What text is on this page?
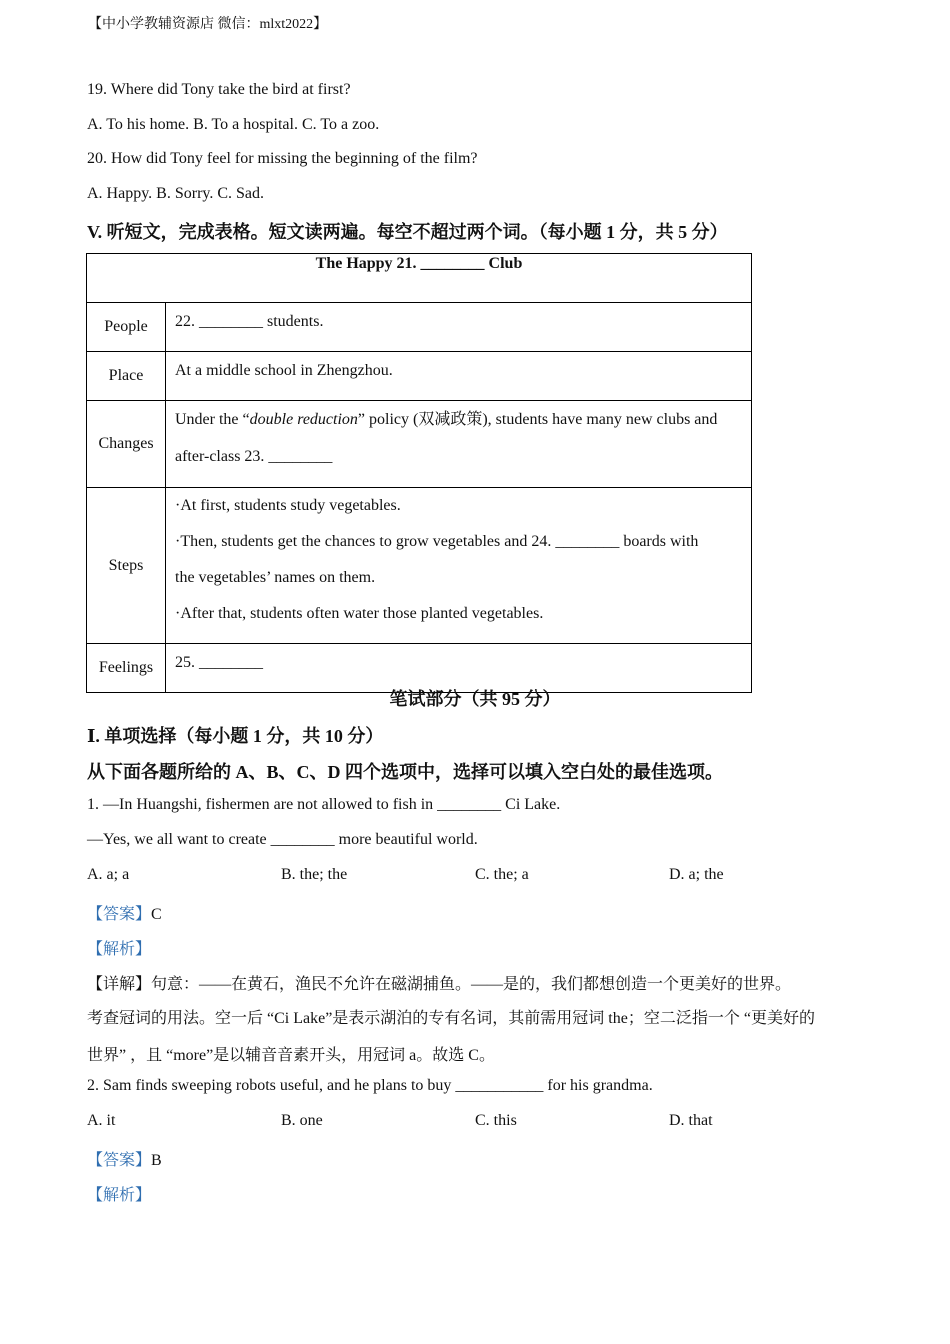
【中小学教辅资源店 微信：mlxt2022】
19. Where did Tony take the bird at first?
A. To his home. B. To a hospital. C. To a zoo.
20. How did Tony feel for missing the beginning of the film?
A. Happy. B. Sorry. C. Sad.
V. 听短文，完成表格。短文读两遍。每空不超过两个词。（每小题 1 分，共 5 分）
The Happy 21. ________ Club	
People	22. ________ students.
Place	At a middle school in Zhengzhou.
Changes	Under the “double reduction” policy (双减政策), students have many new clubs and
after-class 23. ________

Steps	·At first, students study vegetables.
·Then, students get the chances to grow vegetables and 24. ________ boards with
the vegetables’ names on them.
·After that, students often water those planted vegetables.

Feelings	25. ________
笔试部分（共 95 分）
Ⅰ. 单项选择（每小题 1 分，共 10 分）
从下面各题所给的 A、B、C、D 四个选项中，选择可以填入空白处的最佳选项。
1. —In Huangshi, fishermen are not allowed to fish in ________ Ci Lake.
—Yes, we all want to create ________ more beautiful world.
A. a; a	B. the; the	C. the; a	D. a; the
【答案】C
【解析】
【详解】句意：——在黄石，渔民不允许在磁湖捕鱼。——是的，我们都想创造一个更美好的世界。
考查冠词的用法。空一后 “Ci Lake”是表示湖泊的专有名词，其前需用冠词 the；空二泛指一个 “更美好的
世界” ，且 “more”是以辅音音素开头，用冠词 a。故选 C。
2. Sam finds sweeping robots useful, and he plans to buy ___________ for his grandma.
A. it	B. one	C. this	D. that
【答案】B
【解析】
